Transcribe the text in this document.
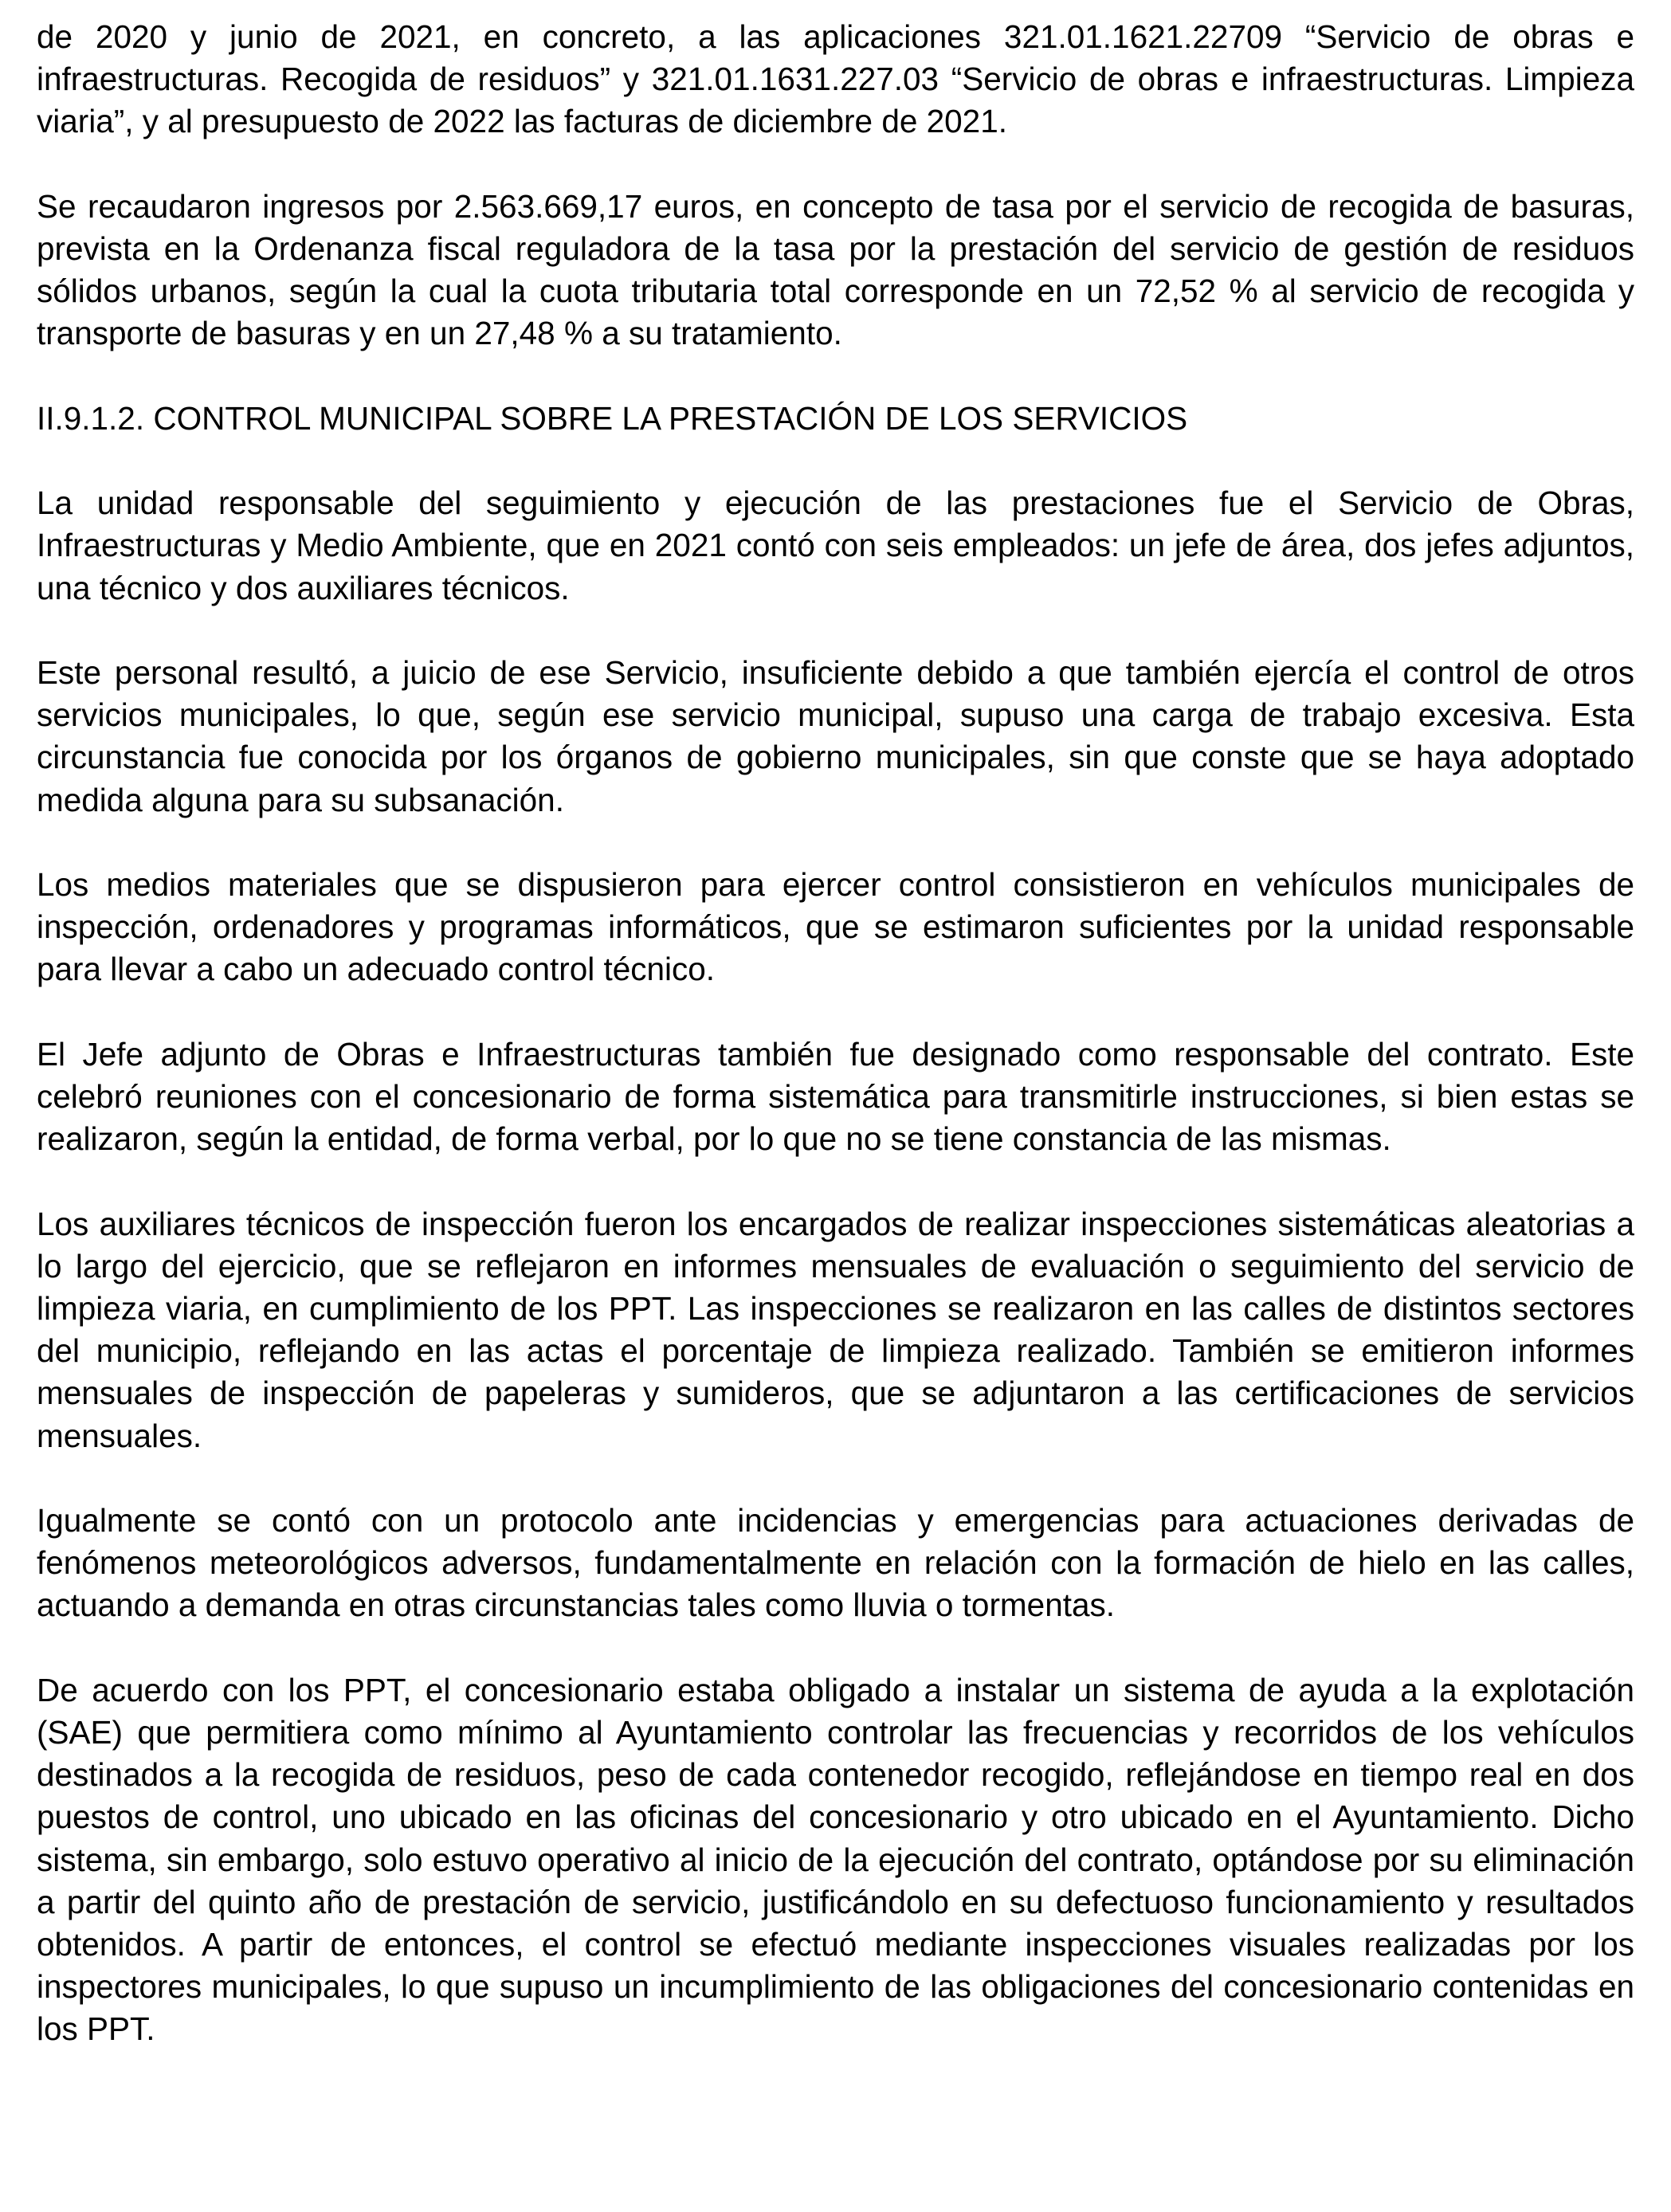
de 2020 y junio de 2021, en concreto, a las aplicaciones 321.01.1621.22709 “Servicio de obras e infraestructuras. Recogida de residuos” y 321.01.1631.227.03 “Servicio de obras e infraestructuras. Limpieza viaria”, y al presupuesto de 2022 las facturas de diciembre de 2021.

Se recaudaron ingresos por 2.563.669,17 euros, en concepto de tasa por el servicio de recogida de basuras, prevista en la Ordenanza fiscal reguladora de la tasa por la prestación del servicio de gestión de residuos sólidos urbanos, según la cual la cuota tributaria total corresponde en un 72,52 % al servicio de recogida y transporte de basuras y en un 27,48 % a su tratamiento.

II.9.1.2. CONTROL MUNICIPAL SOBRE LA PRESTACIÓN DE LOS SERVICIOS

La unidad responsable del seguimiento y ejecución de las prestaciones fue el Servicio de Obras, Infraestructuras y Medio Ambiente, que en 2021 contó con seis empleados: un jefe de área, dos jefes adjuntos, una técnico y dos auxiliares técnicos.

Este personal resultó, a juicio de ese Servicio, insuficiente debido a que también ejercía el control de otros servicios municipales, lo que, según ese servicio municipal, supuso una carga de trabajo excesiva. Esta circunstancia fue conocida por los órganos de gobierno municipales, sin que conste que se haya adoptado medida alguna para su subsanación.

Los medios materiales que se dispusieron para ejercer control consistieron en vehículos municipales de inspección, ordenadores y programas informáticos, que se estimaron suficientes por la unidad responsable para llevar a cabo un adecuado control técnico.

El Jefe adjunto de Obras e Infraestructuras también fue designado como responsable del contrato. Este celebró reuniones con el concesionario de forma sistemática para transmitirle instrucciones, si bien estas se realizaron, según la entidad, de forma verbal, por lo que no se tiene constancia de las mismas.

Los auxiliares técnicos de inspección fueron los encargados de realizar inspecciones sistemáticas aleatorias a lo largo del ejercicio, que se reflejaron en informes mensuales de evaluación o seguimiento del servicio de limpieza viaria, en cumplimiento de los PPT. Las inspecciones se realizaron en las calles de distintos sectores del municipio, reflejando en las actas el porcentaje de limpieza realizado. También se emitieron informes mensuales de inspección de papeleras y sumideros, que se adjuntaron a las certificaciones de servicios mensuales.

Igualmente se contó con un protocolo ante incidencias y emergencias para actuaciones derivadas de fenómenos meteorológicos adversos, fundamentalmente en relación con la formación de hielo en las calles, actuando a demanda en otras circunstancias tales como lluvia o tormentas.

De acuerdo con los PPT, el concesionario estaba obligado a instalar un sistema de ayuda a la explotación (SAE) que permitiera como mínimo al Ayuntamiento controlar las frecuencias y recorridos de los vehículos destinados a la recogida de residuos, peso de cada contenedor recogido, reflejándose en tiempo real en dos puestos de control, uno ubicado en las oficinas del concesionario y otro ubicado en el Ayuntamiento. Dicho sistema, sin embargo, solo estuvo operativo al inicio de la ejecución del contrato, optándose por su eliminación a partir del quinto año de prestación de servicio, justificándolo en su defectuoso funcionamiento y resultados obtenidos. A partir de entonces, el control se efectuó mediante inspecciones visuales realizadas por los inspectores municipales, lo que supuso un incumplimiento de las obligaciones del concesionario contenidas en los PPT.
